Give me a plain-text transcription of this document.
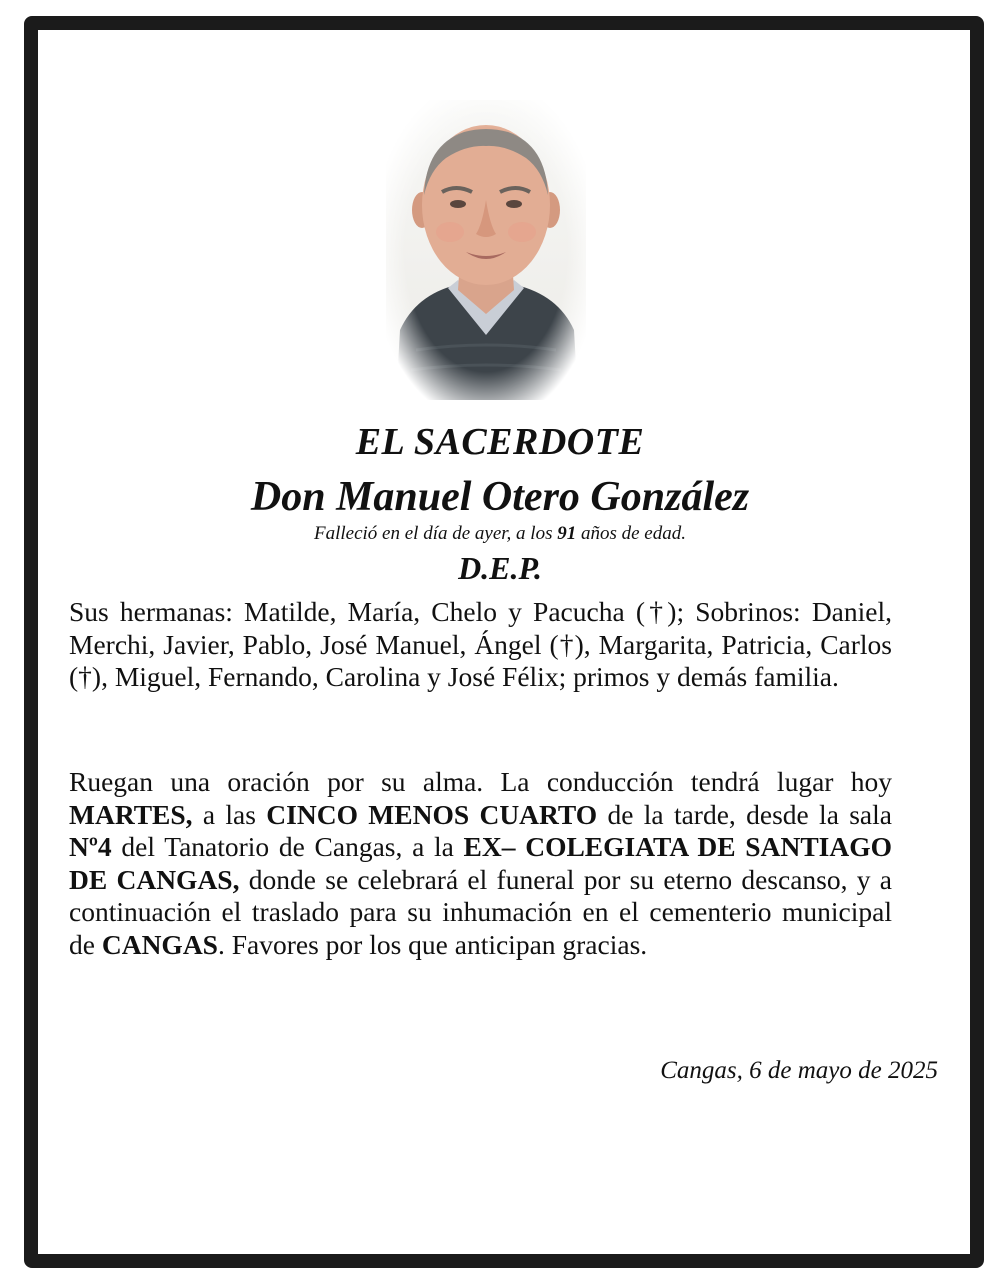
EL SACERDOTE
Don Manuel Otero González
Falleció en el día de ayer, a los 91 años de edad.
D.E.P.
Sus hermanas: Matilde, María, Chelo y Pacucha (†); Sobrinos: Daniel, Merchi, Javier, Pablo, José Manuel, Ángel (†), Margarita, Patricia, Carlos (†), Miguel, Fernando, Carolina y José Félix; primos y demás familia.
Ruegan una oración por su alma. La conducción tendrá lugar hoy MARTES, a las CINCO MENOS CUARTO de la tarde, desde la sala Nº4 del Tanatorio de Cangas, a la EX– COLEGIATA DE SANTIAGO DE CANGAS, donde se celebrará el funeral por su eterno descanso, y a continuación el traslado para su inhumación en el cementerio municipal de CANGAS. Favores por los que anticipan gracias.
Cangas, 6 de mayo de 2025
